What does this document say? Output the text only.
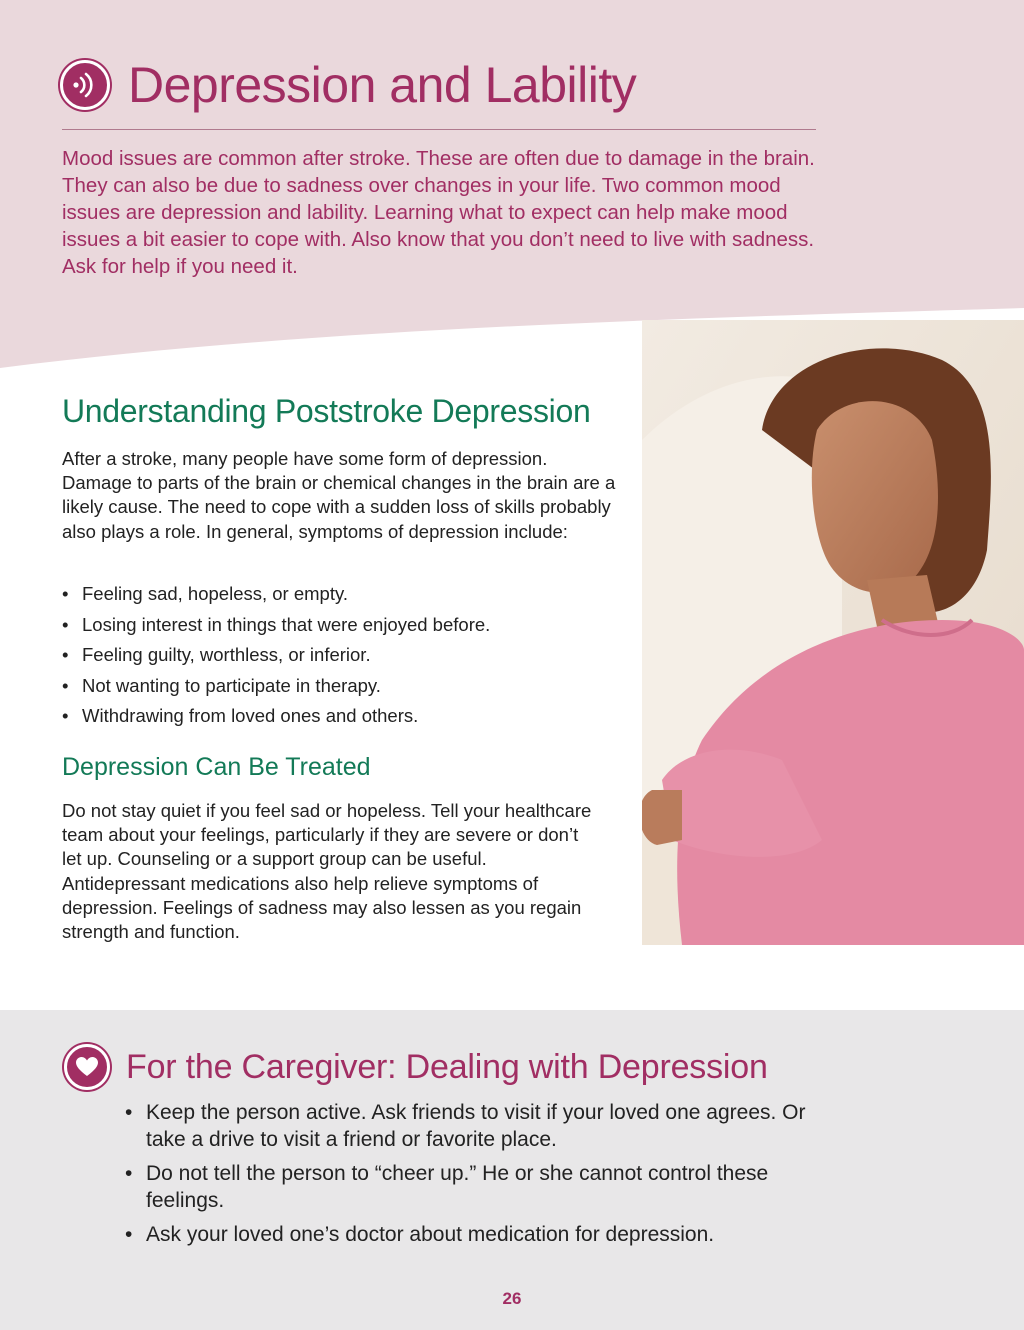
Depression and Lability

Mood issues are common after stroke. These are often due to damage in the brain. They can also be due to sadness over changes in your life. Two common mood issues are depression and lability. Learning what to expect can help make mood issues a bit easier to cope with. Also know that you don’t need to live with sadness. Ask for help if you need it.

Understanding Poststroke Depression

After a stroke, many people have some form of depression. Damage to parts of the brain or chemical changes in the brain are a likely cause. The need to cope with a sudden loss of skills probably also plays a role. In general, symptoms of depression include:

• Feeling sad, hopeless, or empty.
• Losing interest in things that were enjoyed before.
• Feeling guilty, worthless, or inferior.
• Not wanting to participate in therapy.
• Withdrawing from loved ones and others.
Depression Can Be Treated

Do not stay quiet if you feel sad or hopeless. Tell your healthcare team about your feelings, particularly if they are severe or don’t let up. Counseling or a support group can be useful. Antidepressant medications also help relieve symptoms of depression. Feelings of sadness may also lessen as you regain strength and function.

For the Caregiver: Dealing with Depression
• Keep the person active. Ask friends to visit if your loved one agrees. Or take a drive to visit a friend or favorite place.
• Do not tell the person to “cheer up.” He or she cannot control these feelings.
• Ask your loved one’s doctor about medication for depression.
26
